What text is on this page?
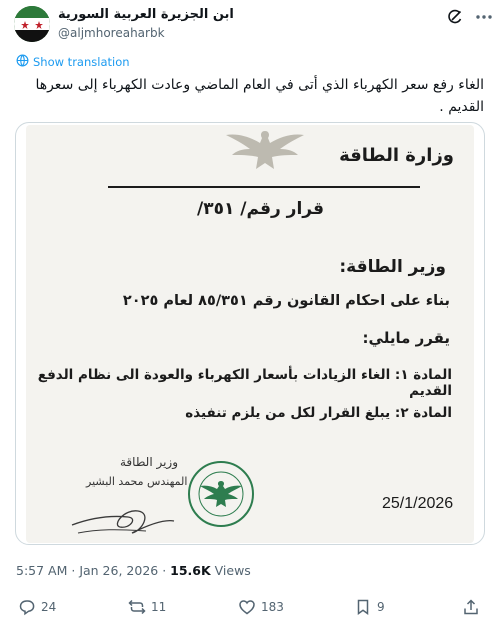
ابن الجزيرة العربية السورية
@aljmhoreaharbk
Show translation
الغاء رفع سعر الكهرباء الذي أتى في العام الماضي وعادت الكهرباء إلى سعرها القديم .
وزارة الطاقة
قرار رقم/ ٣٥١/
وزير الطاقة:
بناء على احكام القانون رقم ٨٥/٣٥١ لعام ٢٠٢٥
يقرر مايلي:
المادة ١: الغاء الزيادات بأسعار الكهرباء والعودة الى نظام الدفع القديم
المادة ٢: يبلغ القرار لكل من يلزم تنفيذه
وزير الطاقة
المهندس محمد البشير
25/1/2026
5:57 AM · Jan 26, 2026 · 15.6K Views
24	11	183	9
